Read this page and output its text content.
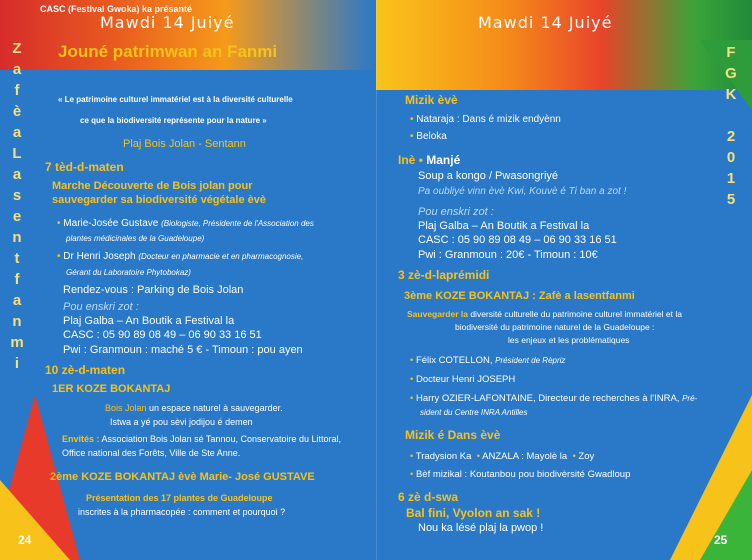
CASC (Festival Gwoka) ka présanté
Mawdi 14 Juiyé
Jouné patrimwan an Fanmi
Z
a
f
è
a
L
a
s
e
n
t
f
a
n
m
i
« Le patrimoine culturel immatériel est à la diversité culturelle
ce que la biodiversité représente pour la nature »
Plaj Bois Jolan - Sentann
7 tèd-d-maten
Marche Découverte de Bois jolan pour
sauvegarder sa biodiversité végétale èvè
• Marie-Josée Gustave (Biologiste, Présidente de l'Association des
plantes médicinales de la Guadeloupe)
• Dr Henri Joseph (Docteur en pharmacie et en pharmacognosie,
Gérant du Laboratoire Phytobokaz)
Rendez-vous : Parking de Bois Jolan
Pou enskri zot :
Plaj Galba – An Boutik a Festival la
CASC : 05 90 89 08 49 – 06 90 33 16 51
Pwi : Granmoun : maché 5 € - Timoun : pou ayen
10 zè-d-maten
1ER KOZE BOKANTAJ
Bois Jolan un espace naturel à sauvegarder.
Istwa a yé pou sèvi jodijou é demen
Envités : Association Bois Jolan sé Tannou, Conservatoire du Littoral,
Office national des Forêts, Ville de Ste Anne.
2ème KOZE BOKANTAJ èvè Marie- José GUSTAVE
Présentation des 17 plantes de Guadeloupe
inscrites à la pharmacopée : comment et pourquoi ?
24
Mawdi 14 Juiyé
F
G
K

2
0
1
5
Mizik èvè
• Nataraja : Dans é mizik endyènn
• Beloka
Inè • Manjé
Soup a kongo / Pwasongriyé
Pa oubliyé vinn èvè Kwi, Kouvè é Ti ban a zot !
Pou enskri zot :
Plaj Galba – An Boutik a Festival la
CASC : 05 90 89 08 49 – 06 90 33 16 51
Pwi : Granmoun : 20€ - Timoun : 10€
3 zè-d-laprémidi
3ème KOZE BOKANTAJ : Zafè a lasentfanmi
Sauvegarder la diversité culturelle du patrimoine culturel immatériel et la
biodiversité du patrimoine naturel de la Guadeloupe :
les enjeux et les problématiques
• Félix COTELLON, Président de Rèpriz
• Docteur Henri JOSEPH
• Harry OZIER-LAFONTAINE, Directeur de recherches à l'INRA, Pré-
sident du Centre INRA Antilles
Mizik é Dans èvè
• Tradysion Ka  • ANZALA : Mayolè la  • Zoy
• Bèf mizikal : Koutanbou pou biodivèrsité Gwadloup
6 zè d-swa
Bal fini, Vyolon an sak !
Nou ka lésé plaj la pwop !
25
